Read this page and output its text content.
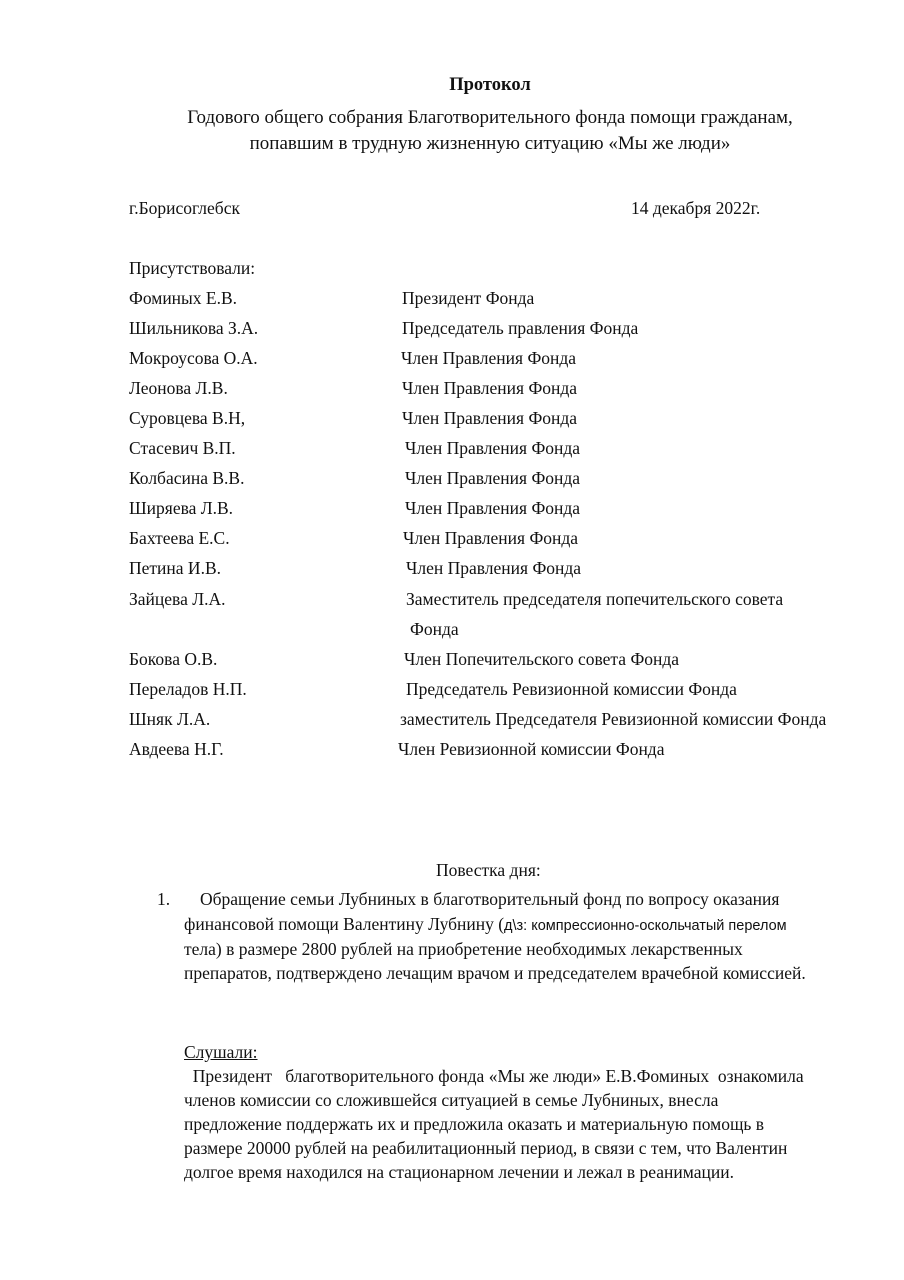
Протокол
Годового общего собрания Благотворительного фонда помощи гражданам,
попавшим в трудную жизненную ситуацию «Мы же люди»
г.Борисоглебск	14 декабря 2022г.
Присутствовали:
Фоминых Е.В.	Президент Фонда
Шильникова З.А.	Председатель правления Фонда
Мокроусова О.А.	Член Правления Фонда
Леонова Л.В.	Член Правления Фонда
Суровцева В.Н,	Член Правления Фонда
Стасевич В.П.	Член Правления Фонда
Колбасина В.В.	Член Правления Фонда
Ширяева Л.В.	Член Правления Фонда
Бахтеева Е.С.	Член Правления Фонда
Петина И.В.	Член Правления Фонда
Зайцева Л.А.	Заместитель председателя попечительского совета
Фонда
Бокова О.В.	Член Попечительского совета Фонда
Переладов Н.П.	Председатель Ревизионной комиссии Фонда
Шняк Л.А.	заместитель Председателя Ревизионной комиссии Фонда
Авдеева Н.Г.	Член Ревизионной комиссии Фонда
Повестка дня:
1. Обращение семьи Лубниных в благотворительный фонд по вопросу оказания
финансовой помощи Валентину Лубнину (д\з: компрессионно-оскольчатый перелом
тела) в размере 2800 рублей на приобретение необходимых лекарственных
препаратов, подтверждено лечащим врачом и председателем врачебной комиссией.
Слушали:
Президент   благотворительного фонда «Мы же люди» Е.В.Фоминых  ознакомила
членов комиссии со сложившейся ситуацией в семье Лубниных, внесла
предложение поддержать их и предложила оказать и материальную помощь в
размере 20000 рублей на реабилитационный период, в связи с тем, что Валентин
долгое время находился на стационарном лечении и лежал в реанимации.
